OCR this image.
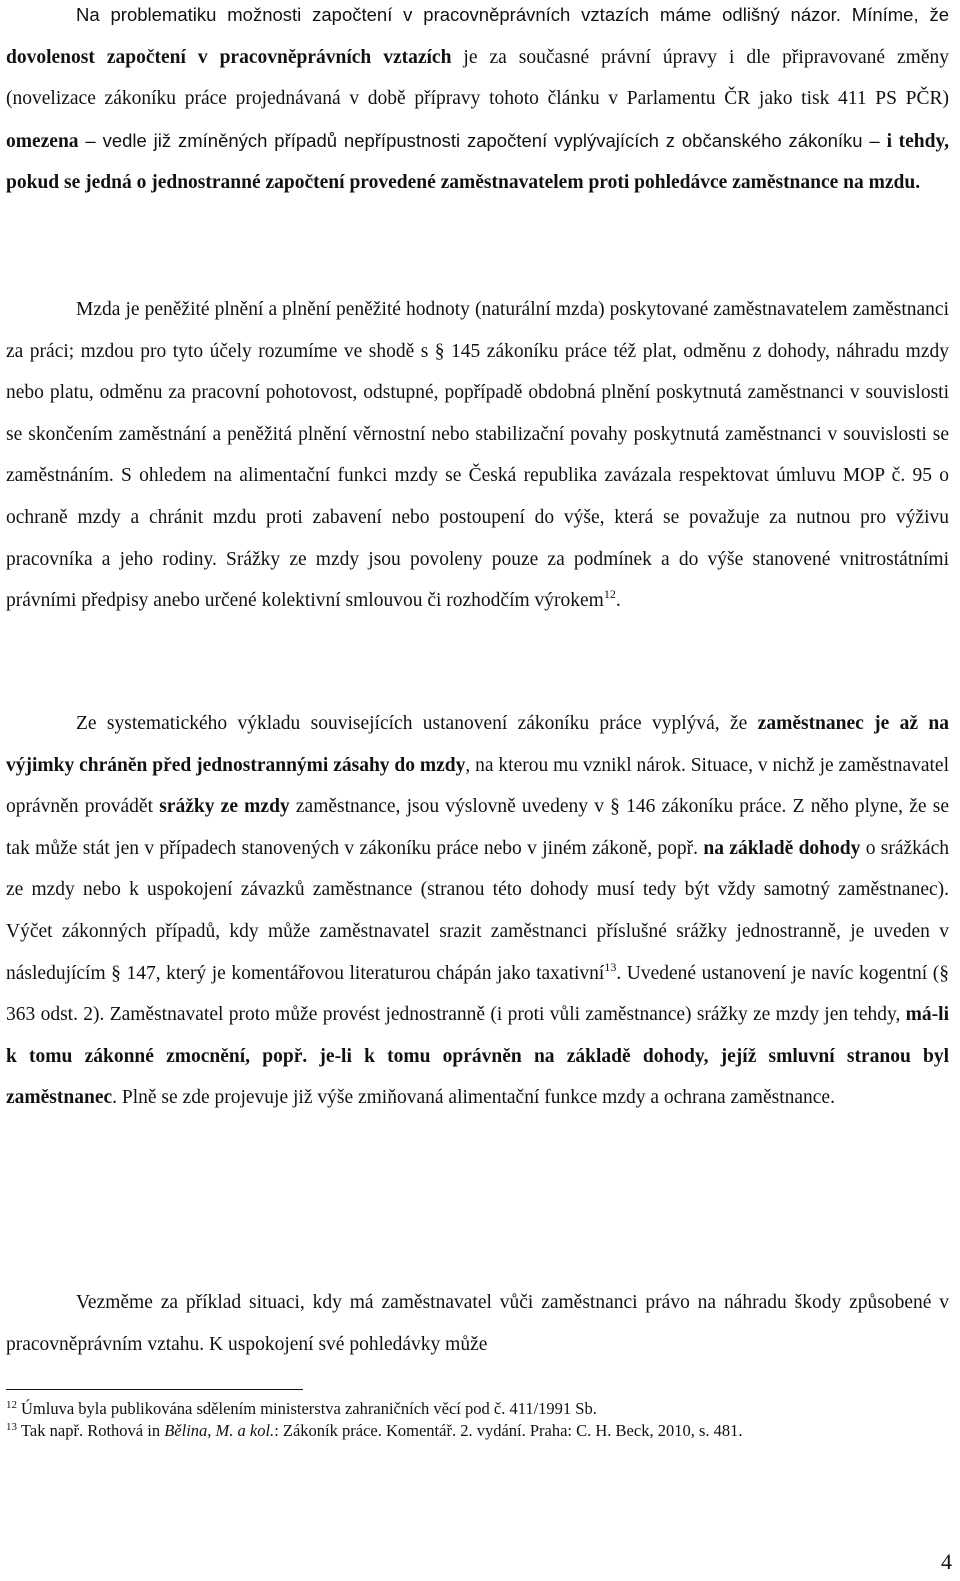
Na problematiku možnosti započtení v pracovněprávních vztazích máme odlišný názor. Míníme, že dovolenost započtení v pracovněprávních vztazích je za současné právní úpravy i dle připravované změny (novelizace zákoníku práce projednávaná v době přípravy tohoto článku v Parlamentu ČR jako tisk 411 PS PČR) omezena – vedle již zmíněných případů nepřípustnosti započtení vyplývajících z občanského zákoníku – i tehdy, pokud se jedná o jednostranné započtení provedené zaměstnavatelem proti pohledávce zaměstnance na mzdu.

Mzda je peněžité plnění a plnění peněžité hodnoty (naturální mzda) poskytované zaměstnavatelem zaměstnanci za práci; mzdou pro tyto účely rozumíme ve shodě s § 145 zákoníku práce též plat, odměnu z dohody, náhradu mzdy nebo platu, odměnu za pracovní pohotovost, odstupné, popřípadě obdobná plnění poskytnutá zaměstnanci v souvislosti se skončením zaměstnání a peněžitá plnění věrnostní nebo stabilizační povahy poskytnutá zaměstnanci v souvislosti se zaměstnáním. S ohledem na alimentační funkci mzdy se Česká republika zavázala respektovat úmluvu MOP č. 95 o ochraně mzdy a chránit mzdu proti zabavení nebo postoupení do výše, která se považuje za nutnou pro výživu pracovníka a jeho rodiny. Srážky ze mzdy jsou povoleny pouze za podmínek a do výše stanovené vnitrostátními právními předpisy anebo určené kolektivní smlouvou či rozhodčím výrokem$^{12}$.

Ze systematického výkladu souvisejících ustanovení zákoníku práce vyplývá, že zaměstnanec je až na výjimky chráněn před jednostrannými zásahy do mzdy, na kterou mu vznikl nárok. Situace, v nichž je zaměstnavatel oprávněn provádět srážky ze mzdy zaměstnance, jsou výslovně uvedeny v § 146 zákoníku práce. Z něho plyne, že se tak může stát jen v případech stanovených v zákoníku práce nebo v jiném zákoně, popř. na základě dohody o srážkách ze mzdy nebo k uspokojení závazků zaměstnance (stranou této dohody musí tedy být vždy samotný zaměstnanec). Výčet zákonných případů, kdy může zaměstnavatel srazit zaměstnanci příslušné srážky jednostranně, je uveden v následujícím § 147, který je komentářovou literaturou chápán jako taxativní$^{13}$. Uvedené ustanovení je navíc kogentní (§ 363 odst. 2). Zaměstnavatel proto může provést jednostranně (i proti vůli zaměstnance) srážky ze mzdy jen tehdy, má-li k tomu zákonné zmocnění, popř. je-li k tomu oprávněn na základě dohody, jejíž smluvní stranou byl zaměstnanec. Plně se zde projevuje již výše zmiňovaná alimentační funkce mzdy a ochrana zaměstnance.

Vezměme za příklad situaci, kdy má zaměstnavatel vůči zaměstnanci právo na náhradu škody způsobené v pracovněprávním vztahu. K uspokojení své pohledávky může

$^{12}$ Úmluva byla publikována sdělením ministerstva zahraničních věcí pod č. 411/1991 Sb.
$^{13}$ Tak např. Rothová in Bělina, M. a kol.: Zákoník práce. Komentář. 2. vydání. Praha: C. H. Beck, 2010, s. 481.
4
